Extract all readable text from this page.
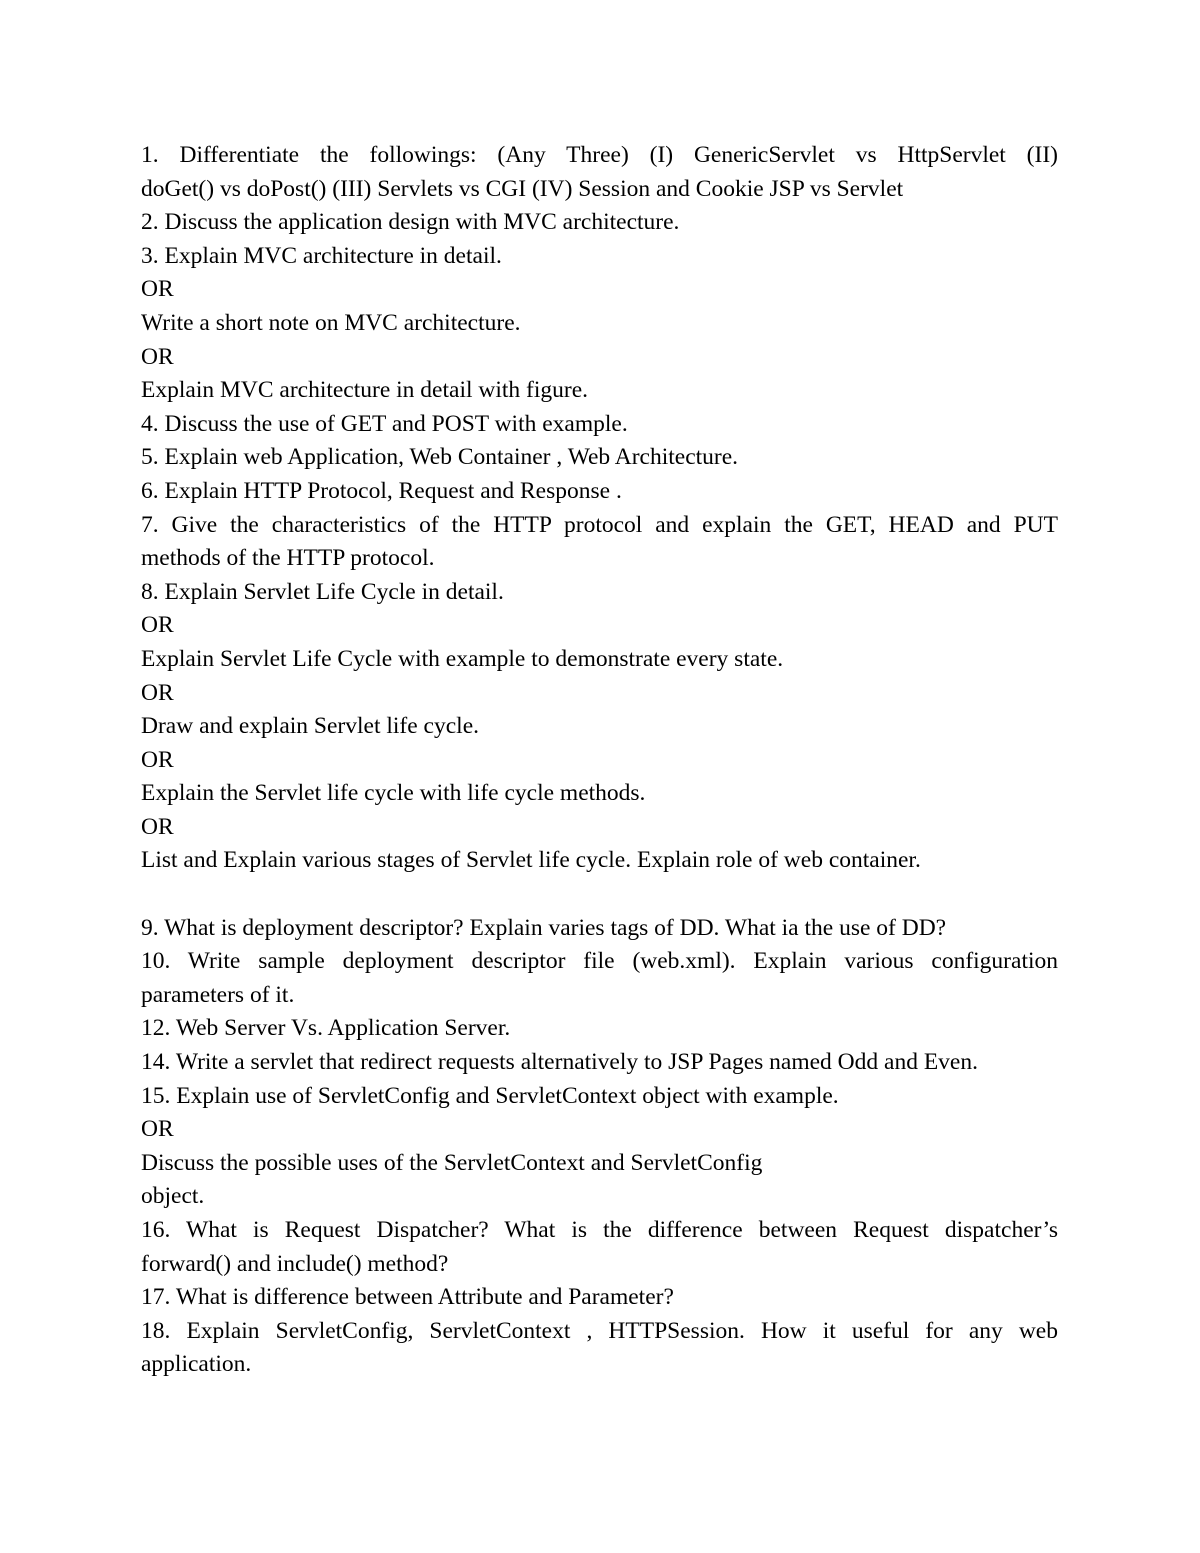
1. Differentiate the followings: (Any Three) (I) GenericServlet vs HttpServlet (II)
doGet() vs doPost() (III) Servlets vs CGI (IV) Session and Cookie JSP vs Servlet
2. Discuss the application design with MVC architecture.
3. Explain MVC architecture in detail.
OR
Write a short note on MVC architecture.
OR
Explain MVC architecture in detail with figure.
4. Discuss the use of GET and POST with example.
5. Explain web Application, Web Container , Web Architecture.
6. Explain HTTP Protocol, Request and Response .
7. Give the characteristics of the HTTP protocol and explain the GET, HEAD and PUT
methods of the HTTP protocol.
8. Explain Servlet Life Cycle in detail.
OR
Explain Servlet Life Cycle with example to demonstrate every state.
OR
Draw and explain Servlet life cycle.
OR
Explain the Servlet life cycle with life cycle methods.
OR
List and Explain various stages of Servlet life cycle. Explain role of web container.
9. What is deployment descriptor? Explain varies tags of DD. What ia the use of DD?
10. Write sample deployment descriptor file (web.xml). Explain various configuration
parameters of it.
12. Web Server Vs. Application Server.
14. Write a servlet that redirect requests alternatively to JSP Pages named Odd and Even.
15. Explain use of ServletConfig and ServletContext object with example.
OR
Discuss the possible uses of the ServletContext and ServletConfig
object.
16. What is Request Dispatcher? What is the difference between Request dispatcher’s
forward() and include() method?
17. What is difference between Attribute and Parameter?
18. Explain ServletConfig, ServletContext , HTTPSession. How it useful for any web
application.
